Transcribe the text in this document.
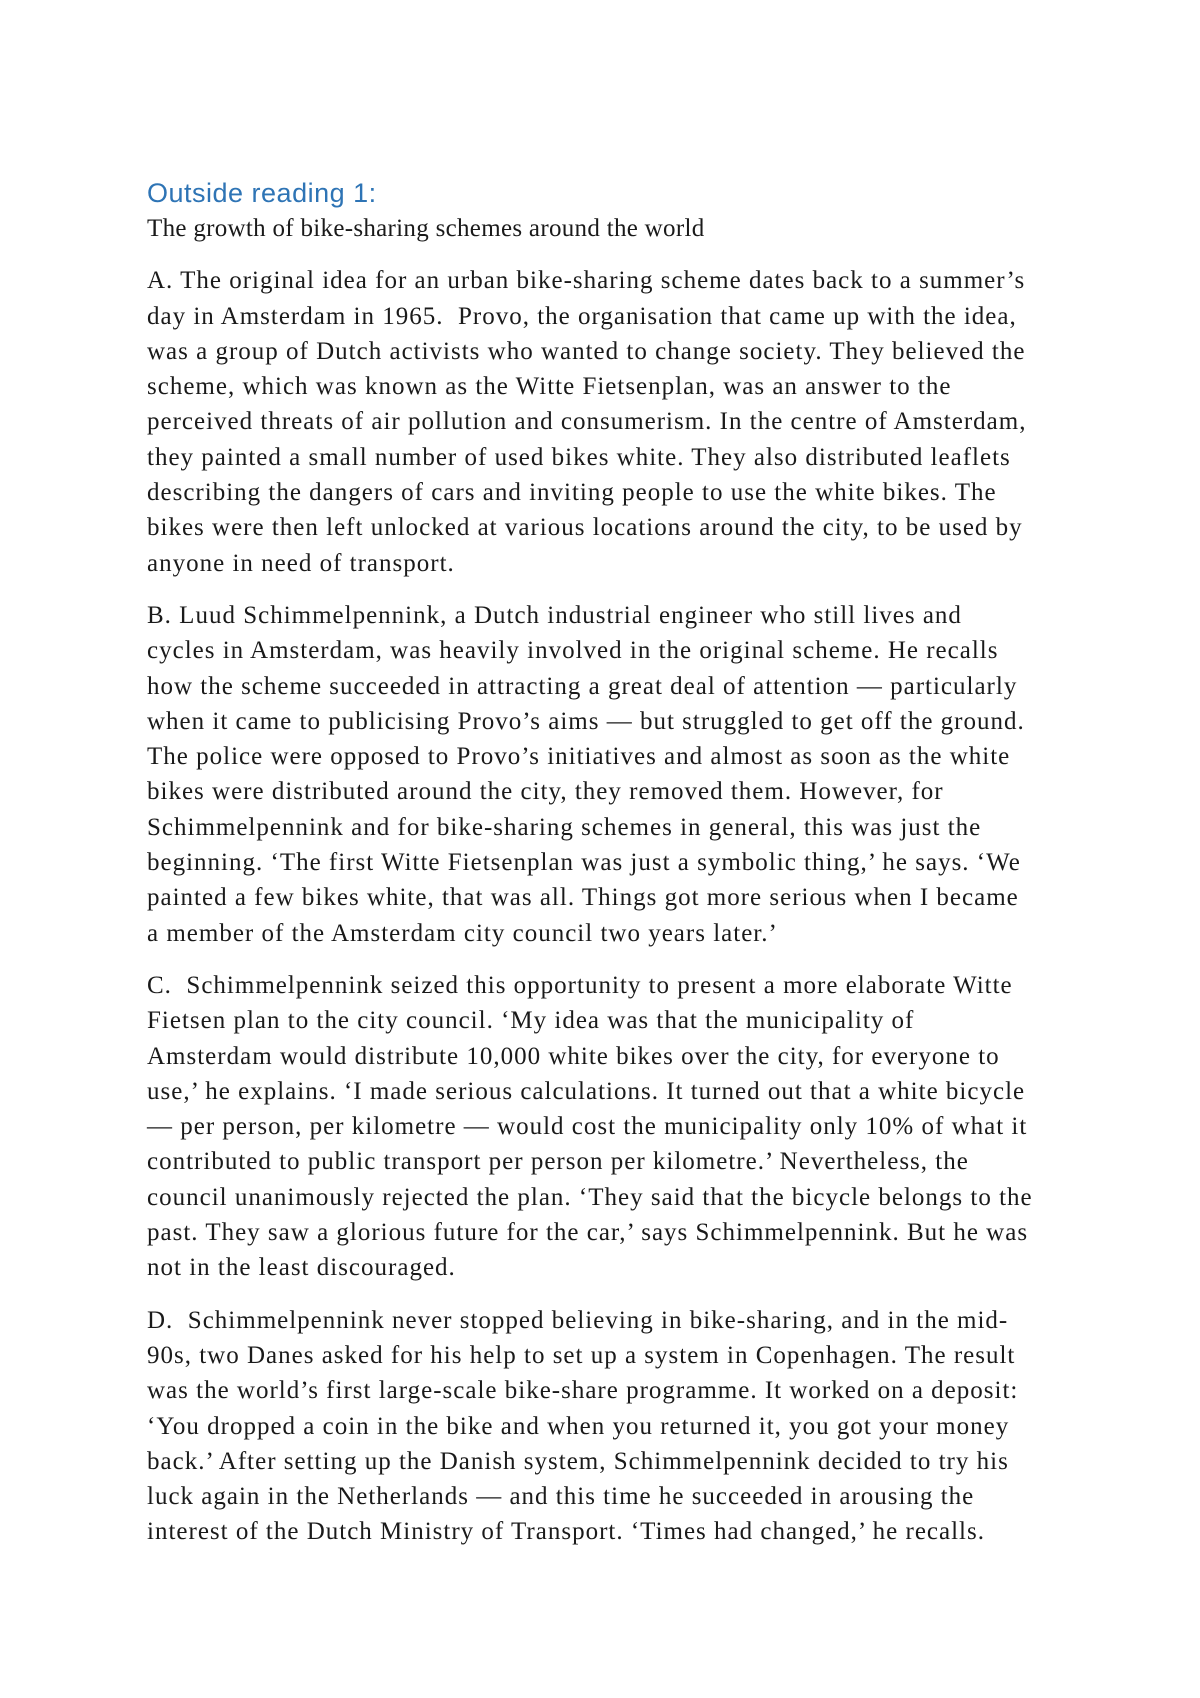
Outside reading 1:
The growth of bike-sharing schemes around the world
A. The original idea for an urban bike-sharing scheme dates back to a summer’s
day in Amsterdam in 1965.  Provo, the organisation that came up with the idea,
was a group of Dutch activists who wanted to change society. They believed the
scheme, which was known as the Witte Fietsenplan, was an answer to the
perceived threats of air pollution and consumerism. In the centre of Amsterdam,
they painted a small number of used bikes white. They also distributed leaflets
describing the dangers of cars and inviting people to use the white bikes. The
bikes were then left unlocked at various locations around the city, to be used by
anyone in need of transport.
B. Luud Schimmelpennink, a Dutch industrial engineer who still lives and
cycles in Amsterdam, was heavily involved in the original scheme. He recalls
how the scheme succeeded in attracting a great deal of attention — particularly
when it came to publicising Provo’s aims — but struggled to get off the ground.
The police were opposed to Provo’s initiatives and almost as soon as the white
bikes were distributed around the city, they removed them. However, for
Schimmelpennink and for bike-sharing schemes in general, this was just the
beginning. ‘The first Witte Fietsenplan was just a symbolic thing,’ he says. ‘We
painted a few bikes white, that was all. Things got more serious when I became
a member of the Amsterdam city council two years later.’
C.  Schimmelpennink seized this opportunity to present a more elaborate Witte
Fietsen plan to the city council. ‘My idea was that the municipality of
Amsterdam would distribute 10,000 white bikes over the city, for everyone to
use,’ he explains. ‘I made serious calculations. It turned out that a white bicycle
— per person, per kilometre — would cost the municipality only 10% of what it
contributed to public transport per person per kilometre.’ Nevertheless, the
council unanimously rejected the plan. ‘They said that the bicycle belongs to the
past. They saw a glorious future for the car,’ says Schimmelpennink. But he was
not in the least discouraged.
D.  Schimmelpennink never stopped believing in bike-sharing, and in the mid-
90s, two Danes asked for his help to set up a system in Copenhagen. The result
was the world’s first large-scale bike-share programme. It worked on a deposit:
‘You dropped a coin in the bike and when you returned it, you got your money
back.’ After setting up the Danish system, Schimmelpennink decided to try his
luck again in the Netherlands — and this time he succeeded in arousing the
interest of the Dutch Ministry of Transport. ‘Times had changed,’ he recalls.
